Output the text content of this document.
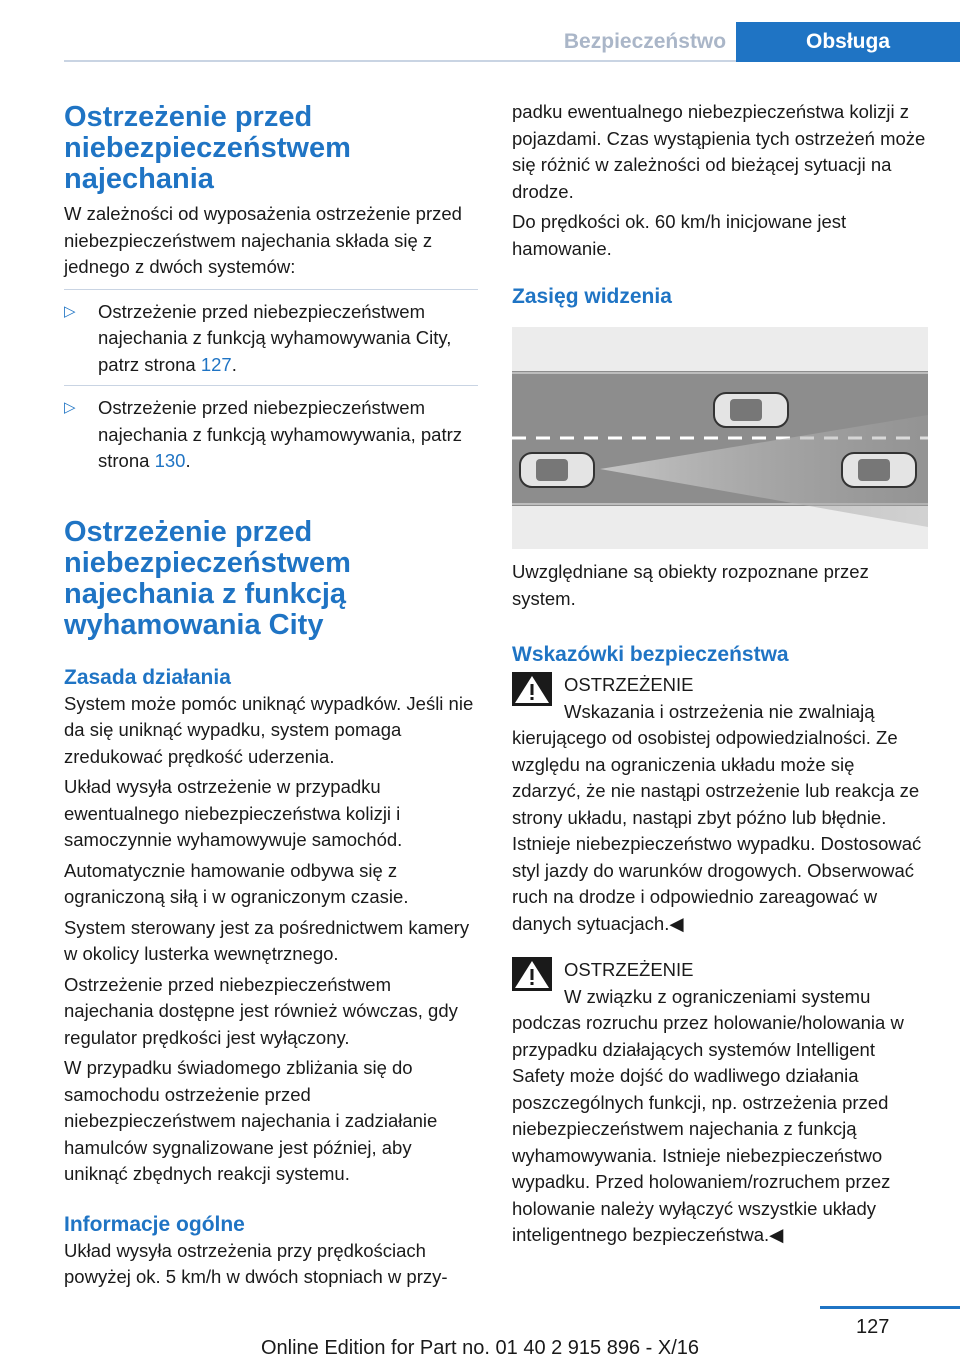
Bezpieczeństwo	Obsługa
Ostrzeżenie przed niebezpieczeństwem najechania

W zależności od wyposażenia ostrzeżenie przed niebezpieczeństwem najechania składa się z jednego z dwóch systemów:

▷ Ostrzeżenie przed niebezpieczeństwem najechania z funkcją wyhamowywania City, patrz strona 127.
▷ Ostrzeżenie przed niebezpieczeństwem najechania z funkcją wyhamowywania, patrz strona 130.
Ostrzeżenie przed niebezpieczeństwem najechania z funkcją wyhamowania City
Zasada działania

System może pomóc uniknąć wypadków. Jeśli nie da się uniknąć wypadku, system pomaga zredukować prędkość uderzenia.

Układ wysyła ostrzeżenie w przypadku ewentualnego niebezpieczeństwa kolizji i samoczynnie wyhamowywuje samochód.

Automatycznie hamowanie odbywa się z ograniczoną siłą i w ograniczonym czasie.

System sterowany jest za pośrednictwem kamery w okolicy lusterka wewnętrznego.

Ostrzeżenie przed niebezpieczeństwem najechania dostępne jest również wówczas, gdy regulator prędkości jest wyłączony.

W przypadku świadomego zbliżania się do samochodu ostrzeżenie przed niebezpieczeństwem najechania i zadziałanie hamulców sygnalizowane jest później, aby uniknąć zbędnych reakcji systemu.

Informacje ogólne

Układ wysyła ostrzeżenia przy prędkościach powyżej ok. 5 km/h w dwóch stopniach w przy-

padku ewentualnego niebezpieczeństwa kolizji z pojazdami. Czas wystąpienia tych ostrzeżeń może się różnić w zależności od bieżącej sytuacji na drodze.

Do prędkości ok. 60 km/h inicjowane jest hamowanie.

Zasięg widzenia

Uwzględniane są obiekty rozpoznane przez system.

Wskazówki bezpieczeństwa
OSTRZEŻENIE

Wskazania i ostrzeżenia nie zwalniają kierującego od osobistej odpowiedzialności. Ze względu na ograniczenia układu może się zdarzyć, że nie nastąpi ostrzeżenie lub reakcja ze strony układu, nastąpi zbyt późno lub błędnie. Istnieje niebezpieczeństwo wypadku. Dostosować styl jazdy do warunków drogowych. Obserwować ruch na drodze i odpowiednio zareagować w danych sytuacjach.◀

OSTRZEŻENIE

W związku z ograniczeniami systemu podczas rozruchu przez holowanie/holowania w przypadku działających systemów Intelligent Safety może dojść do wadliwego działania poszczególnych funkcji, np. ostrzeżenia przed niebezpieczeństwem najechania z funkcją wyhamowywania. Istnieje niebezpieczeństwo wypadku. Przed holowaniem/rozruchem przez holowanie należy wyłączyć wszystkie układy inteligentnego bezpieczeństwa.◀

127
Online Edition for Part no. 01 40 2 915 896 - X/16
